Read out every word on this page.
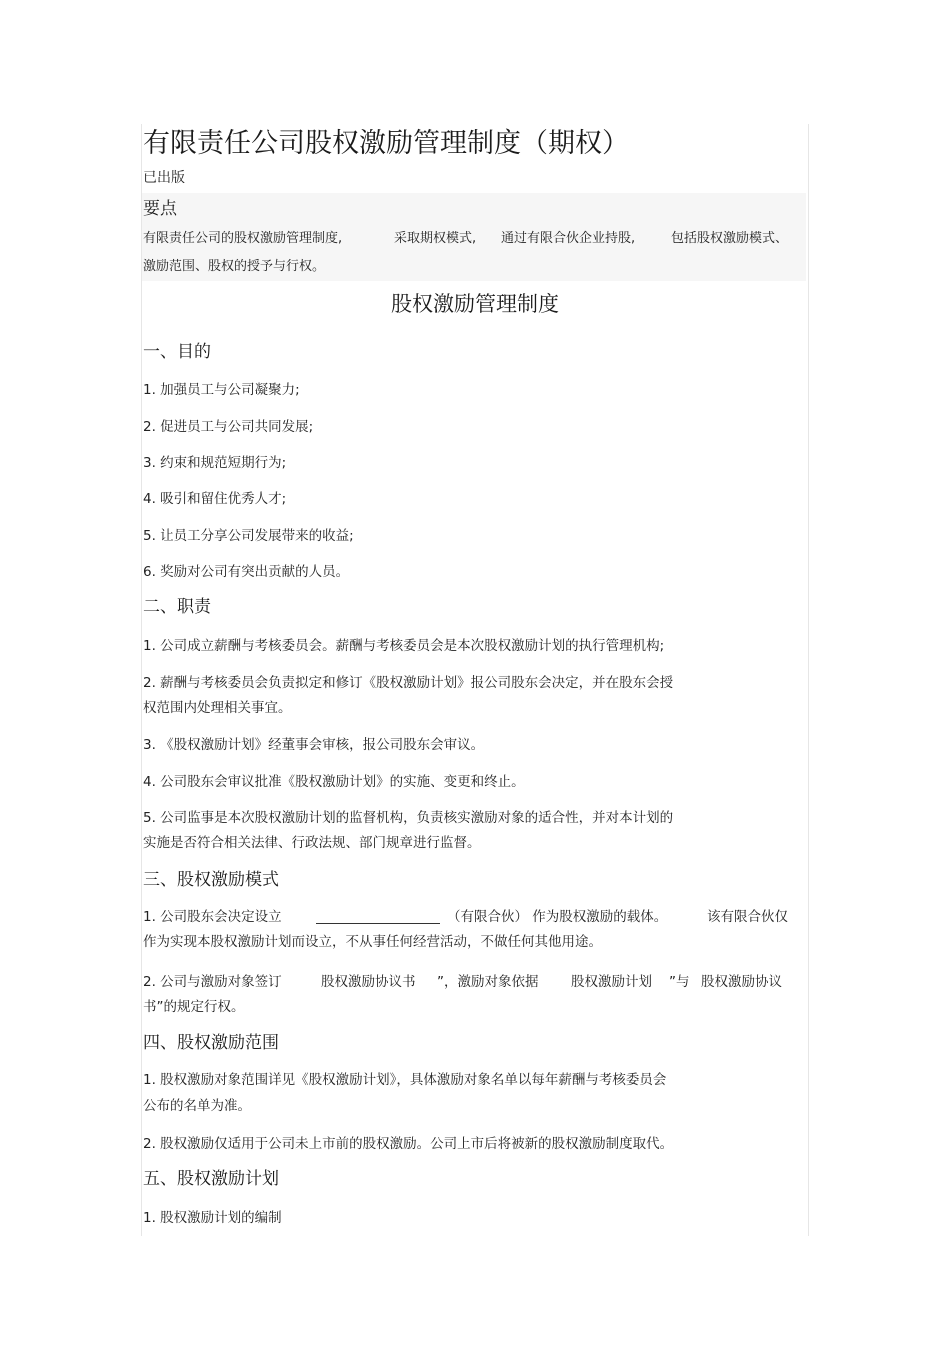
有限责任公司股权激励管理制度（期权）
已出版
要点
有限责任公司的股权激励管理制度,	采取期权模式, 通过有限合伙企业持股,	包括股权激励模式、
激励范围、股权的授予与行权。
股权激励管理制度
一、目的
1. 加强员工与公司凝聚力;
2. 促进员工与公司共同发展;
3. 约束和规范短期行为;
4. 吸引和留住优秀人才;
5. 让员工分享公司发展带来的收益;
6. 奖励对公司有突出贡献的人员。
二、职责
1. 公司成立薪酬与考核委员会。薪酬与考核委员会是本次股权激励计划的执行管理机构;
2. 薪酬与考核委员会负责拟定和修订《股权激励计划》报公司股东会决定，并在股东会授
权范围内处理相关事宜。
3. 《股权激励计划》经董事会审核，报公司股东会审议。
4. 公司股东会审议批准《股权激励计划》的实施、变更和终止。
5. 公司监事是本次股权激励计划的监督机构，负责核实激励对象的适合性，并对本计划的
实施是否符合相关法律、行政法规、部门规章进行监督。
三、股权激励模式
1. 公司股东会决定设立	（有限合伙） 作为股权激励的载体。	该有限合伙仅
作为实现本股权激励计划而设立，不从事任何经营活动，不做任何其他用途。
2. 公司与激励对象签订	股权激励协议书 ”，激励对象依据 股权激励计划 ”与 股权激励协议
书”的规定行权。
四、股权激励范围
1. 股权激励对象范围详见《股权激励计划》，具体激励对象名单以每年薪酬与考核委员会
公布的名单为准。
2. 股权激励仅适用于公司未上市前的股权激励。公司上市后将被新的股权激励制度取代。
五、股权激励计划
1. 股权激励计划的编制
